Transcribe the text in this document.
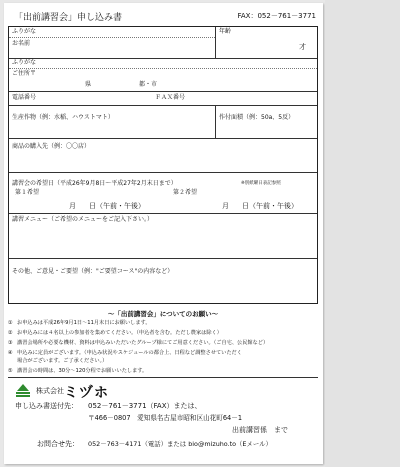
「出前講習会」申し込み書	FAX：052－761－3771
ふりがな
お名前
年齢
才
ふりがな
ご住所〒
県	都・市
電話番号	ＦＡＸ番号
生産作物（例：水稲、ハウストマト）	作付面積（例：50a、5反）
商品の購入先（例：〇〇店）
講習会の希望日（平成26年9月8日～平成27年2月末日まで）	※別紙曜日表記参照
第１希望	第２希望
月 日（午前・午後）	月 日（午前・午後）
講習メニュー（ご希望のメニューをご記入下さい。）
その他、ご意見・ご要望（例："ご要望コース"の内容など）
～「出前講習会」についてのお願い～
① お申込みは平成26年9月1日～11月末日にお願いします。
② お申込みには４名以上の参加者を集めてください。（申込者を含む。ただし農家は除く）
③ 講習会場所や必要な機材、資料は申込みいただいたグループ様にてご用意ください。（ご自宅、公民館など）
④ 申込みに定員がございます。（申込み状況やスケジュールの都合上、日程など調整させていただく
場合がございます。ご了承ください。）
⑤ 講習会の時間は、30分～120分程でお願いいたします。
株式会社 ミヅホ
申し込み書送付先： 052－761－3771（FAX）または、
〒466－0807　愛知県名古屋市昭和区山花町64－1
出前講習係　まで
お問合せ先： 052－763－4171（電話）または bio@mizuho.to（Eメール）
